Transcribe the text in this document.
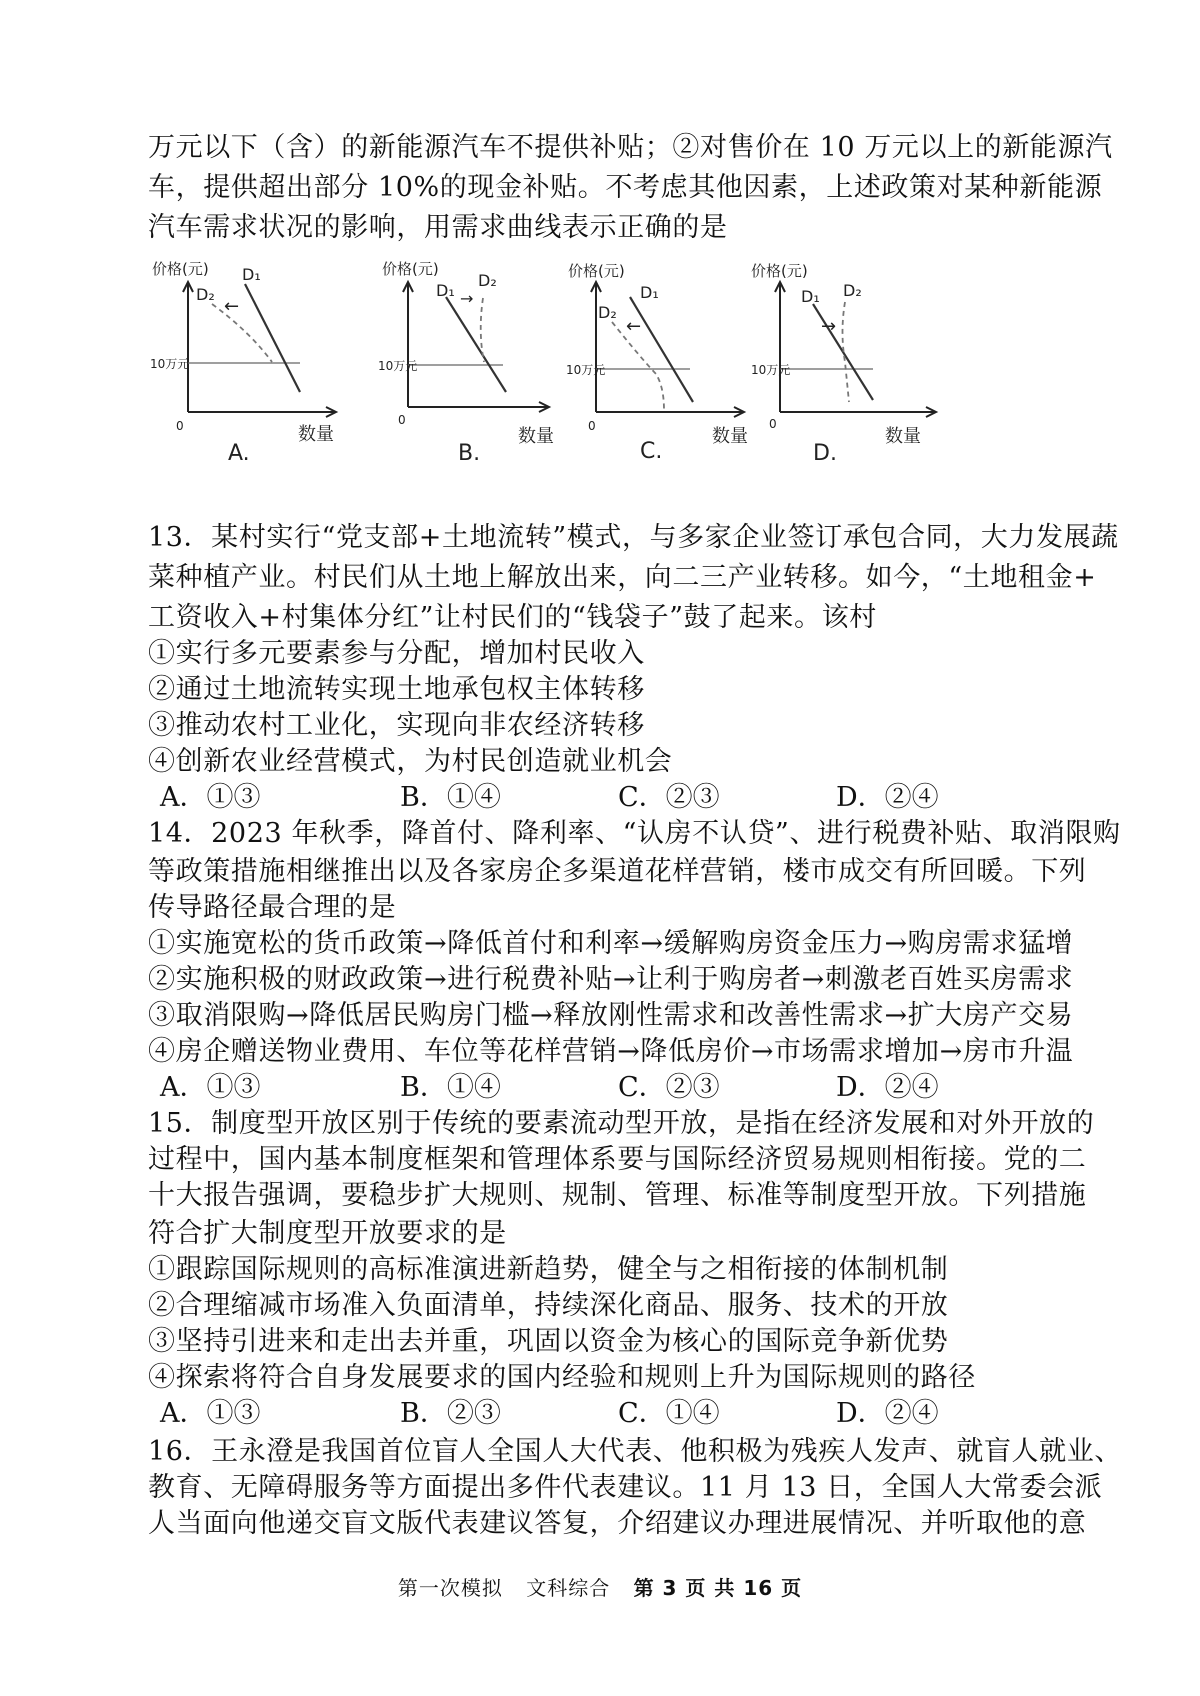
万元以下（含）的新能源汽车不提供补贴；②对售价在 10 万元以上的新能源汽
车，提供超出部分 10%的现金补贴。不考虑其他因素，上述政策对某种新能源
汽车需求状况的影响，用需求曲线表示正确的是
价格(元) D₁
D₂
←
10万元
0	数量
A.
价格(元)
D₁
D₂
→
10万元
0
数量
B.
价格(元)
D₁
D₂
←
10万元
0	数量
C.
价格(元)
D₁ D₂
→
10万元
0
数量
D.
13．某村实行“党支部+土地流转”模式，与多家企业签订承包合同，大力发展蔬
菜种植产业。村民们从土地上解放出来，向二三产业转移。如今，“土地租金+
工资收入+村集体分红”让村民们的“钱袋子”鼓了起来。该村
①实行多元要素参与分配，增加村民收入
②通过土地流转实现土地承包权主体转移
③推动农村工业化，实现向非农经济转移
④创新农业经营模式，为村民创造就业机会
A．①③	B．①④	C．②③	D．②④
14．2023 年秋季，降首付、降利率、“认房不认贷”、进行税费补贴、取消限购
等政策措施相继推出以及各家房企多渠道花样营销，楼市成交有所回暖。下列
传导路径最合理的是
①实施宽松的货币政策→降低首付和利率→缓解购房资金压力→购房需求猛增
②实施积极的财政政策→进行税费补贴→让利于购房者→刺激老百姓买房需求
③取消限购→降低居民购房门槛→释放刚性需求和改善性需求→扩大房产交易
④房企赠送物业费用、车位等花样营销→降低房价→市场需求增加→房市升温
A．①③	B．①④	C．②③	D．②④
15．制度型开放区别于传统的要素流动型开放，是指在经济发展和对外开放的
过程中，国内基本制度框架和管理体系要与国际经济贸易规则相衔接。党的二
十大报告强调，要稳步扩大规则、规制、管理、标准等制度型开放。下列措施
符合扩大制度型开放要求的是
①跟踪国际规则的高标准演进新趋势，健全与之相衔接的体制机制
②合理缩减市场准入负面清单，持续深化商品、服务、技术的开放
③坚持引进来和走出去并重，巩固以资金为核心的国际竞争新优势
④探索将符合自身发展要求的国内经验和规则上升为国际规则的路径
A．①③	B．②③	C．①④	D．②④
16．王永澄是我国首位盲人全国人大代表、他积极为残疾人发声、就盲人就业、
教育、无障碍服务等方面提出多件代表建议。11 月 13 日，全国人大常委会派
人当面向他递交盲文版代表建议答复，介绍建议办理进展情况、并听取他的意
第一次模拟 文科综合 第 3 页 共 16 页
